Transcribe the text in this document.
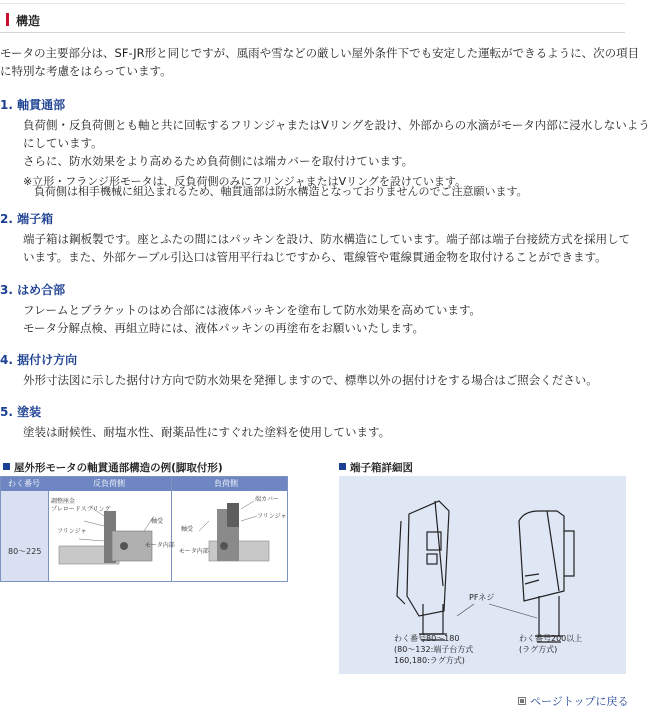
構造
モータの主要部分は、SF-JR形と同じですが、風雨や雪などの厳しい屋外条件下でも安定した運転ができるように、次の項目
に特別な考慮をはらっています。
1. 軸貫通部
負荷側・反負荷側とも軸と共に回転するフリンジャまたはVリングを設け、外部からの水滴がモータ内部に浸水しないよう
にしています。
さらに、防水効果をより高めるため負荷側には端カバーを取付けています。
※立形・フランジ形モータは、反負荷側のみにフリンジャまたはVリングを設けています。
負荷側は相手機械に組込まれるため、軸貫通部は防水構造となっておりませんのでご注意願います。
2. 端子箱
端子箱は鋼板製です。座とふたの間にはパッキンを設け、防水構造にしています。端子部は端子台接続方式を採用して
います。また、外部ケーブル引込口は管用平行ねじですから、電線管や電線貫通金物を取付けることができます。
3. はめ合部
フレームとブラケットのはめ合部には液体パッキンを塗布して防水効果を高めています。
モータ分解点検、再組立時には、液体パッキンの再塗布をお願いいたします。
4. 据付け方向
外形寸法図に示した据付け方向で防水効果を発揮しますので、標準以外の据付けをする場合はご照会ください。
5. 塗装
塗装は耐候性、耐塩水性、耐薬品性にすぐれた塗料を使用しています。
屋外形モータの軸貫通部構造の例(脚取付形)	端子箱詳細図
わく番号	反負荷側	負荷側
80～225
調整座金
プレロードスプリング
フリンジャ
軸受
モータ内部
端カバー
フリンジャ
軸受
モータ内部
PFネジ
わく番号80～180
(80～132:端子台方式
160,180:ラグ方式)
わく番号200以上
(ラグ方式)
ページトップに戻る
